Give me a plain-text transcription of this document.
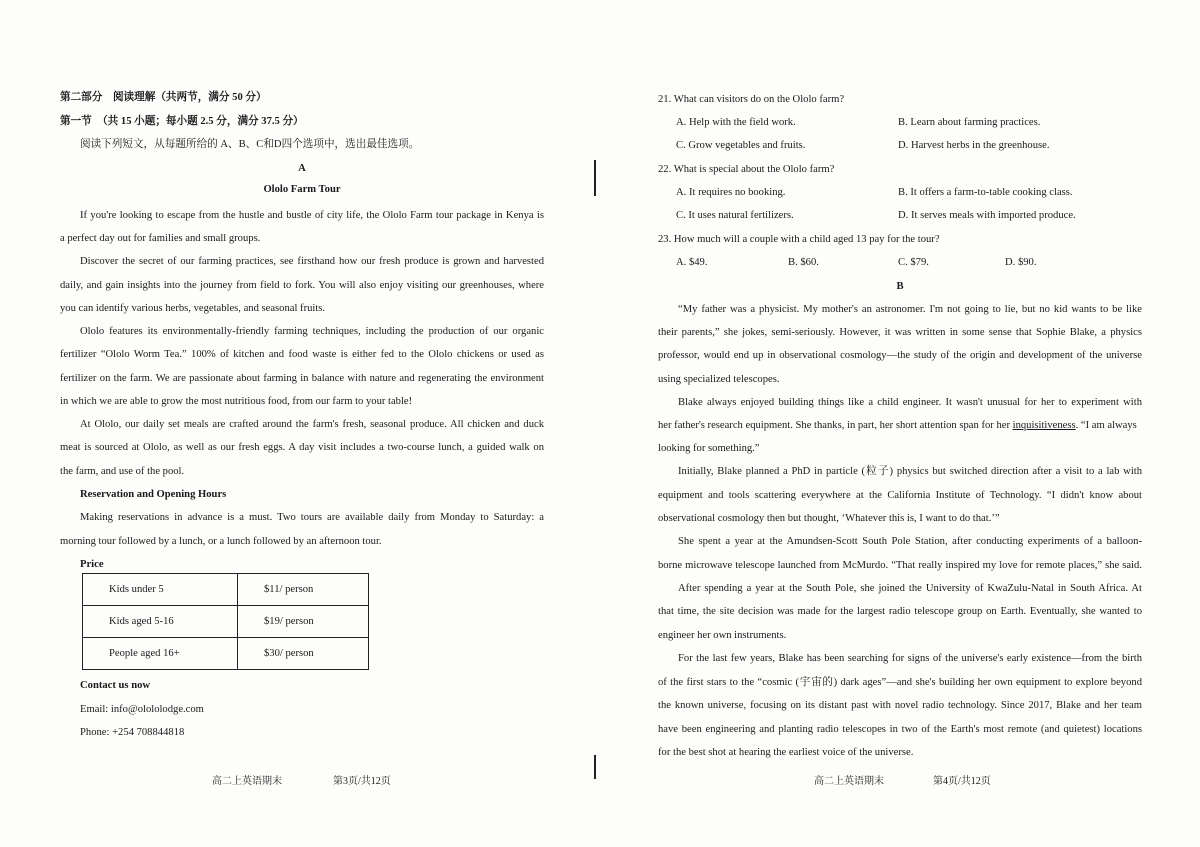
第二部分　阅读理解（共两节，满分 50 分）
第一节　（共 15 小题；每小题 2.5 分，满分 37.5 分）
阅读下列短文，从每题所给的 A、B、C和D四个选项中，选出最佳选项。
A
Ololo Farm Tour
If you're looking to escape from the hustle and bustle of city life, the Ololo Farm tour package in Kenya is
a perfect day out for families and small groups.
Discover the secret of our farming practices, see firsthand how our fresh produce is grown and harvested
daily, and gain insights into the journey from field to fork. You will also enjoy visiting our greenhouses, where
you can identify various herbs, vegetables, and seasonal fruits.
Ololo features its environmentally-friendly farming techniques, including the production of our organic
fertilizer “Ololo Worm Tea.” 100% of kitchen and food waste is either fed to the Ololo chickens or used as
fertilizer on the farm. We are passionate about farming in balance with nature and regenerating the environment
in which we are able to grow the most nutritious food, from our farm to your table!
At Ololo, our daily set meals are crafted around the farm's fresh, seasonal produce. All chicken and duck
meat is sourced at Ololo, as well as our fresh eggs. A day visit includes a two-course lunch, a guided walk on
the farm, and use of the pool.
Reservation and Opening Hours
Making reservations in advance is a must. Two tours are available daily from Monday to Saturday: a
morning tour followed by a lunch, or a lunch followed by an afternoon tour.
Price
Kids under 5	$11/ person
Kids aged 5-16	$19/ person
People aged 16+	$30/ person
Contact us now
Email: info@olololodge.com
Phone: +254 708844818
高二上英语期末	第3页/共12页
21. What can visitors do on the Ololo farm?
A. Help with the field work.	B. Learn about farming practices.
C. Grow vegetables and fruits.	D. Harvest herbs in the greenhouse.
22. What is special about the Ololo farm?
A. It requires no booking.	B. It offers a farm-to-table cooking class.
C. It uses natural fertilizers.	D. It serves meals with imported produce.
23. How much will a couple with a child aged 13 pay for the tour?
A. $49.	B. $60.	C. $79.	D. $90.
B
“My father was a physicist. My mother's an astronomer. I'm not going to lie, but no kid wants to be like
their parents,” she jokes, semi-seriously. However, it was written in some sense that Sophie Blake, a physics
professor, would end up in observational cosmology—the study of the origin and development of the universe
using specialized telescopes.
Blake always enjoyed building things like a child engineer. It wasn't unusual for her to experiment with
her father's research equipment. She thanks, in part, her short attention span for her inquisitiveness. “I am always
looking for something.”
Initially, Blake planned a PhD in particle (粒子) physics but switched direction after a visit to a lab with
equipment and tools scattering everywhere at the California Institute of Technology. “I didn't know about
observational cosmology then but thought, ‘Whatever this is, I want to do that.’”
She spent a year at the Amundsen-Scott South Pole Station, after conducting experiments of a balloon-
borne microwave telescope launched from McMurdo. “That really inspired my love for remote places,” she said.
After spending a year at the South Pole, she joined the University of KwaZulu-Natal in South Africa. At
that time, the site decision was made for the largest radio telescope group on Earth. Eventually, she wanted to
engineer her own instruments.
For the last few years, Blake has been searching for signs of the universe's early existence—from the birth
of the first stars to the “cosmic (宇宙的) dark ages”—and she's building her own equipment to explore beyond
the known universe, focusing on its distant past with novel radio technology. Since 2017, Blake and her team
have been engineering and planting radio telescopes in two of the Earth's most remote (and quietest) locations
for the best shot at hearing the earliest voice of the universe.
高二上英语期末	第4页/共12页
